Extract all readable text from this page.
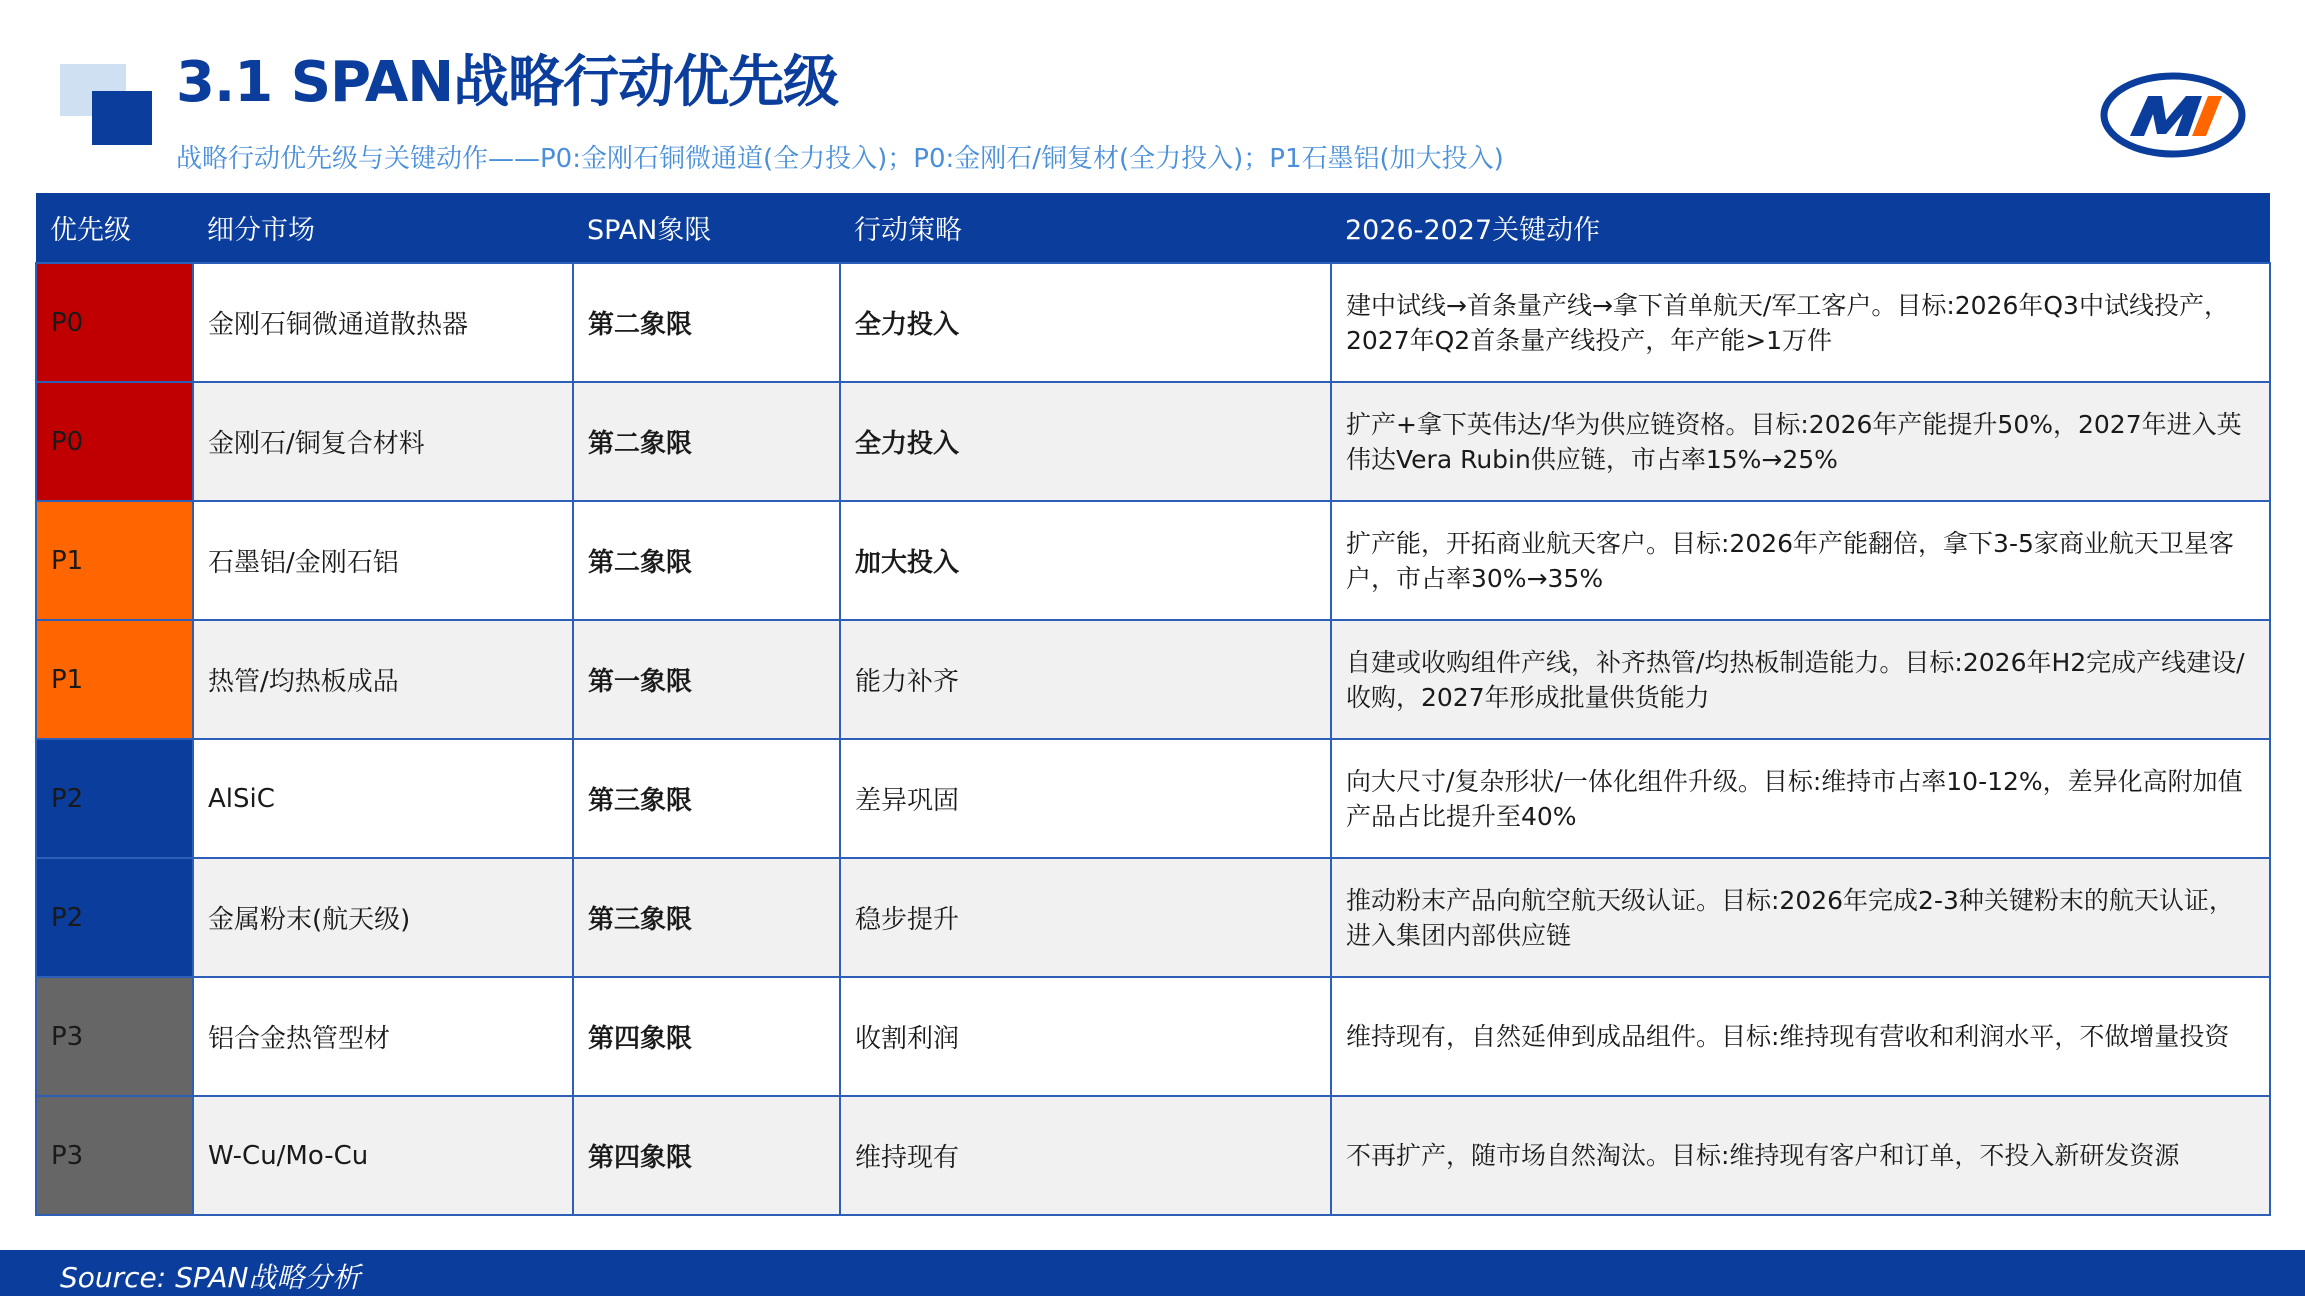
3.1 SPAN战略行动优先级
战略行动优先级与关键动作——P0:金刚石铜微通道(全力投入)；P0:金刚石/铜复材(全力投入)；P1石墨铝(加大投入)
优先级	细分市场	SPAN象限	行动策略	2026-2027关键动作
P0	金刚石铜微通道散热器	第二象限	全力投入	建中试线→首条量产线→拿下首单航天/军工客户。目标:2026年Q3中试线投产，2027年Q2首条量产线投产，年产能>1万件
P0	金刚石/铜复合材料	第二象限	全力投入	扩产+拿下英伟达/华为供应链资格。目标:2026年产能提升50%，2027年进入英伟达Vera Rubin供应链，市占率15%→25%
P1	石墨铝/金刚石铝	第二象限	加大投入	扩产能，开拓商业航天客户。目标:2026年产能翻倍，拿下3-5家商业航天卫星客户，市占率30%→35%
P1	热管/均热板成品	第一象限	能力补齐	自建或收购组件产线，补齐热管/均热板制造能力。目标:2026年H2完成产线建设/收购，2027年形成批量供货能力
P2	AlSiC	第三象限	差异巩固	向大尺寸/复杂形状/一体化组件升级。目标:维持市占率10-12%，差异化高附加值产品占比提升至40%
P2	金属粉末(航天级)	第三象限	稳步提升	推动粉末产品向航空航天级认证。目标:2026年完成2-3种关键粉末的航天认证，进入集团内部供应链
P3	铝合金热管型材	第四象限	收割利润	维持现有，自然延伸到成品组件。目标:维持现有营收和利润水平，不做增量投资
P3	W-Cu/Mo-Cu	第四象限	维持现有	不再扩产，随市场自然淘汰。目标:维持现有客户和订单，不投入新研发资源
Source: SPAN战略分析
